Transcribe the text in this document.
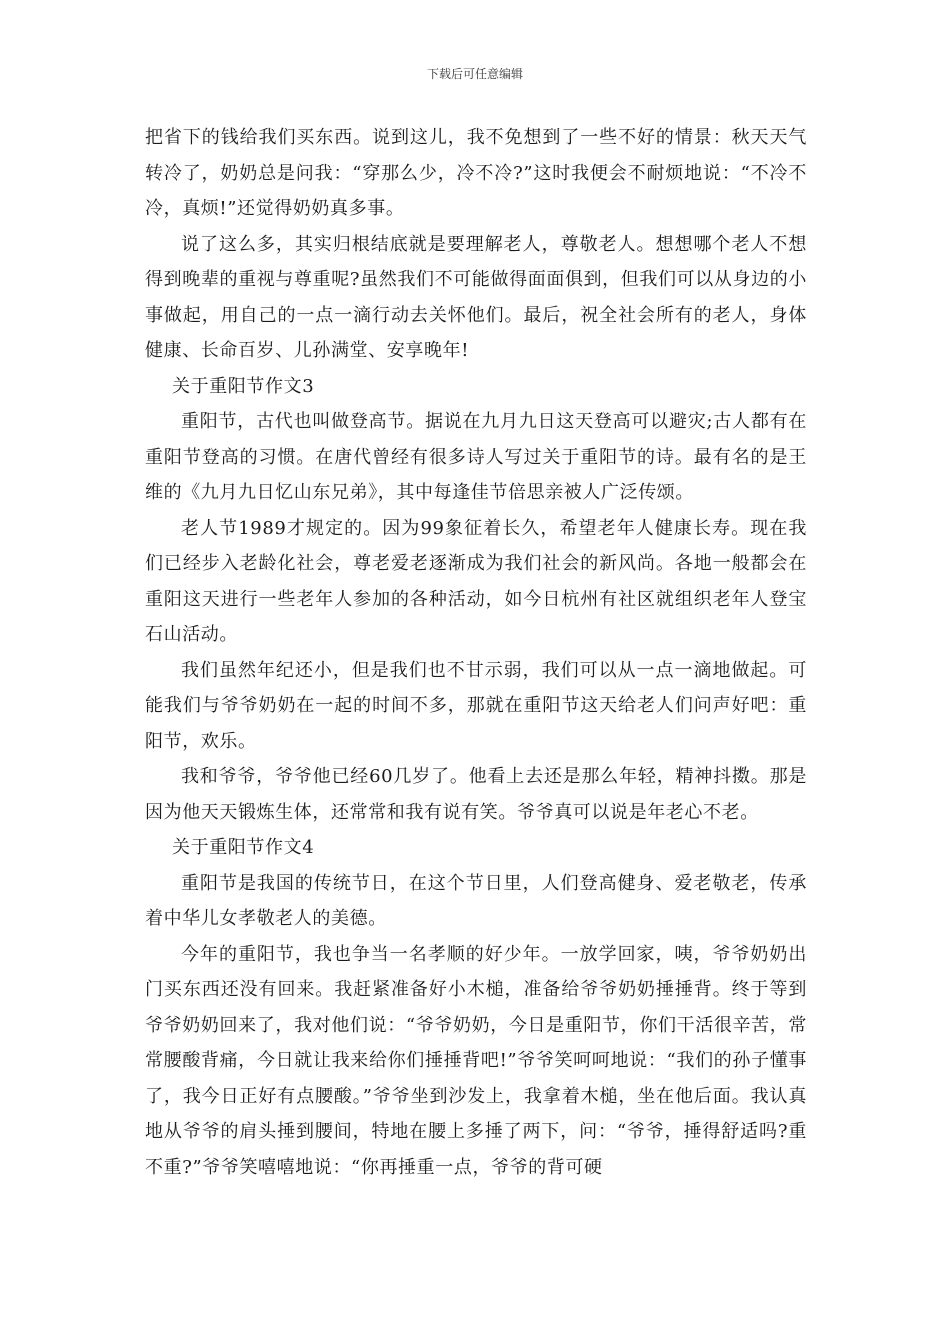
下载后可任意编辑

把省下的钱给我们买东西。说到这儿，我不免想到了一些不好的情景：秋天天气转冷了，奶奶总是问我：“穿那么少，冷不冷?”这时我便会不耐烦地说：“不冷不冷，真烦!”还觉得奶奶真多事。

说了这么多，其实归根结底就是要理解老人，尊敬老人。想想哪个老人不想得到晚辈的重视与尊重呢?虽然我们不可能做得面面俱到，但我们可以从身边的小事做起，用自己的一点一滴行动去关怀他们。最后，祝全社会所有的老人，身体健康、长命百岁、儿孙满堂、安享晚年!

关于重阳节作文3

重阳节，古代也叫做登高节。据说在九月九日这天登高可以避灾;古人都有在重阳节登高的习惯。在唐代曾经有很多诗人写过关于重阳节的诗。最有名的是王维的《九月九日忆山东兄弟》，其中每逢佳节倍思亲被人广泛传颂。

老人节1989才规定的。因为99象征着长久，希望老年人健康长寿。现在我们已经步入老龄化社会，尊老爱老逐渐成为我们社会的新风尚。各地一般都会在重阳这天进行一些老年人参加的各种活动，如今日杭州有社区就组织老年人登宝石山活动。

我们虽然年纪还小，但是我们也不甘示弱，我们可以从一点一滴地做起。可能我们与爷爷奶奶在一起的时间不多，那就在重阳节这天给老人们问声好吧：重阳节，欢乐。

我和爷爷，爷爷他已经60几岁了。他看上去还是那么年轻，精神抖擞。那是因为他天天锻炼生体，还常常和我有说有笑。爷爷真可以说是年老心不老。

关于重阳节作文4

重阳节是我国的传统节日，在这个节日里，人们登高健身、爱老敬老，传承着中华儿女孝敬老人的美德。

今年的重阳节，我也争当一名孝顺的好少年。一放学回家，咦，爷爷奶奶出门买东西还没有回来。我赶紧准备好小木槌，准备给爷爷奶奶捶捶背。终于等到爷爷奶奶回来了，我对他们说：“爷爷奶奶，今日是重阳节，你们干活很辛苦，常常腰酸背痛，今日就让我来给你们捶捶背吧!”爷爷笑呵呵地说：“我们的孙子懂事了，我今日正好有点腰酸。”爷爷坐到沙发上，我拿着木槌，坐在他后面。我认真地从爷爷的肩头捶到腰间，特地在腰上多捶了两下，问：“爷爷，捶得舒适吗?重不重?”爷爷笑嘻嘻地说：“你再捶重一点，爷爷的背可硬
